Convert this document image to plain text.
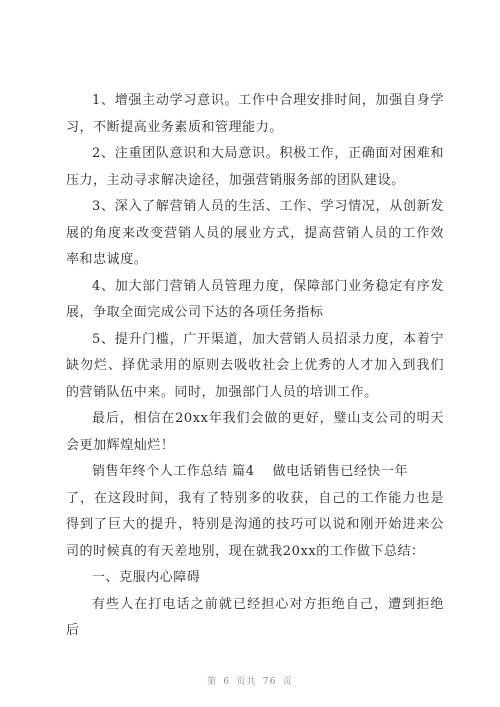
1、增强主动学习意识。工作中合理安排时间，加强自身学习，不断提高业务素质和管理能力。

2、注重团队意识和大局意识。积极工作，正确面对困难和压力，主动寻求解决途径，加强营销服务部的团队建设。

3、深入了解营销人员的生活、工作、学习情况，从创新发展的角度来改变营销人员的展业方式，提高营销人员的工作效率和忠诚度。

4、加大部门营销人员管理力度，保障部门业务稳定有序发展，争取全面完成公司下达的各项任务指标

5、提升门槛，广开渠道，加大营销人员招录力度，本着宁缺勿烂、择优录用的原则去吸收社会上优秀的人才加入到我们的营销队伍中来。同时，加强部门人员的培训工作。

最后，相信在20xx年我们会做的更好，璧山支公司的明天会更加辉煌灿烂！

销售年终个人工作总结 篇4 做电话销售已经快一年

了，在这段时间，我有了特别多的收获，自己的工作能力也是得到了巨大的提升，特别是沟通的技巧可以说和刚开始进来公司的时候真的有天差地别，现在就我20xx的工作做下总结：

一、克服内心障碍

有些人在打电话之前就已经担心对方拒绝自己，遭到拒绝后

第 6 页共 76 页
